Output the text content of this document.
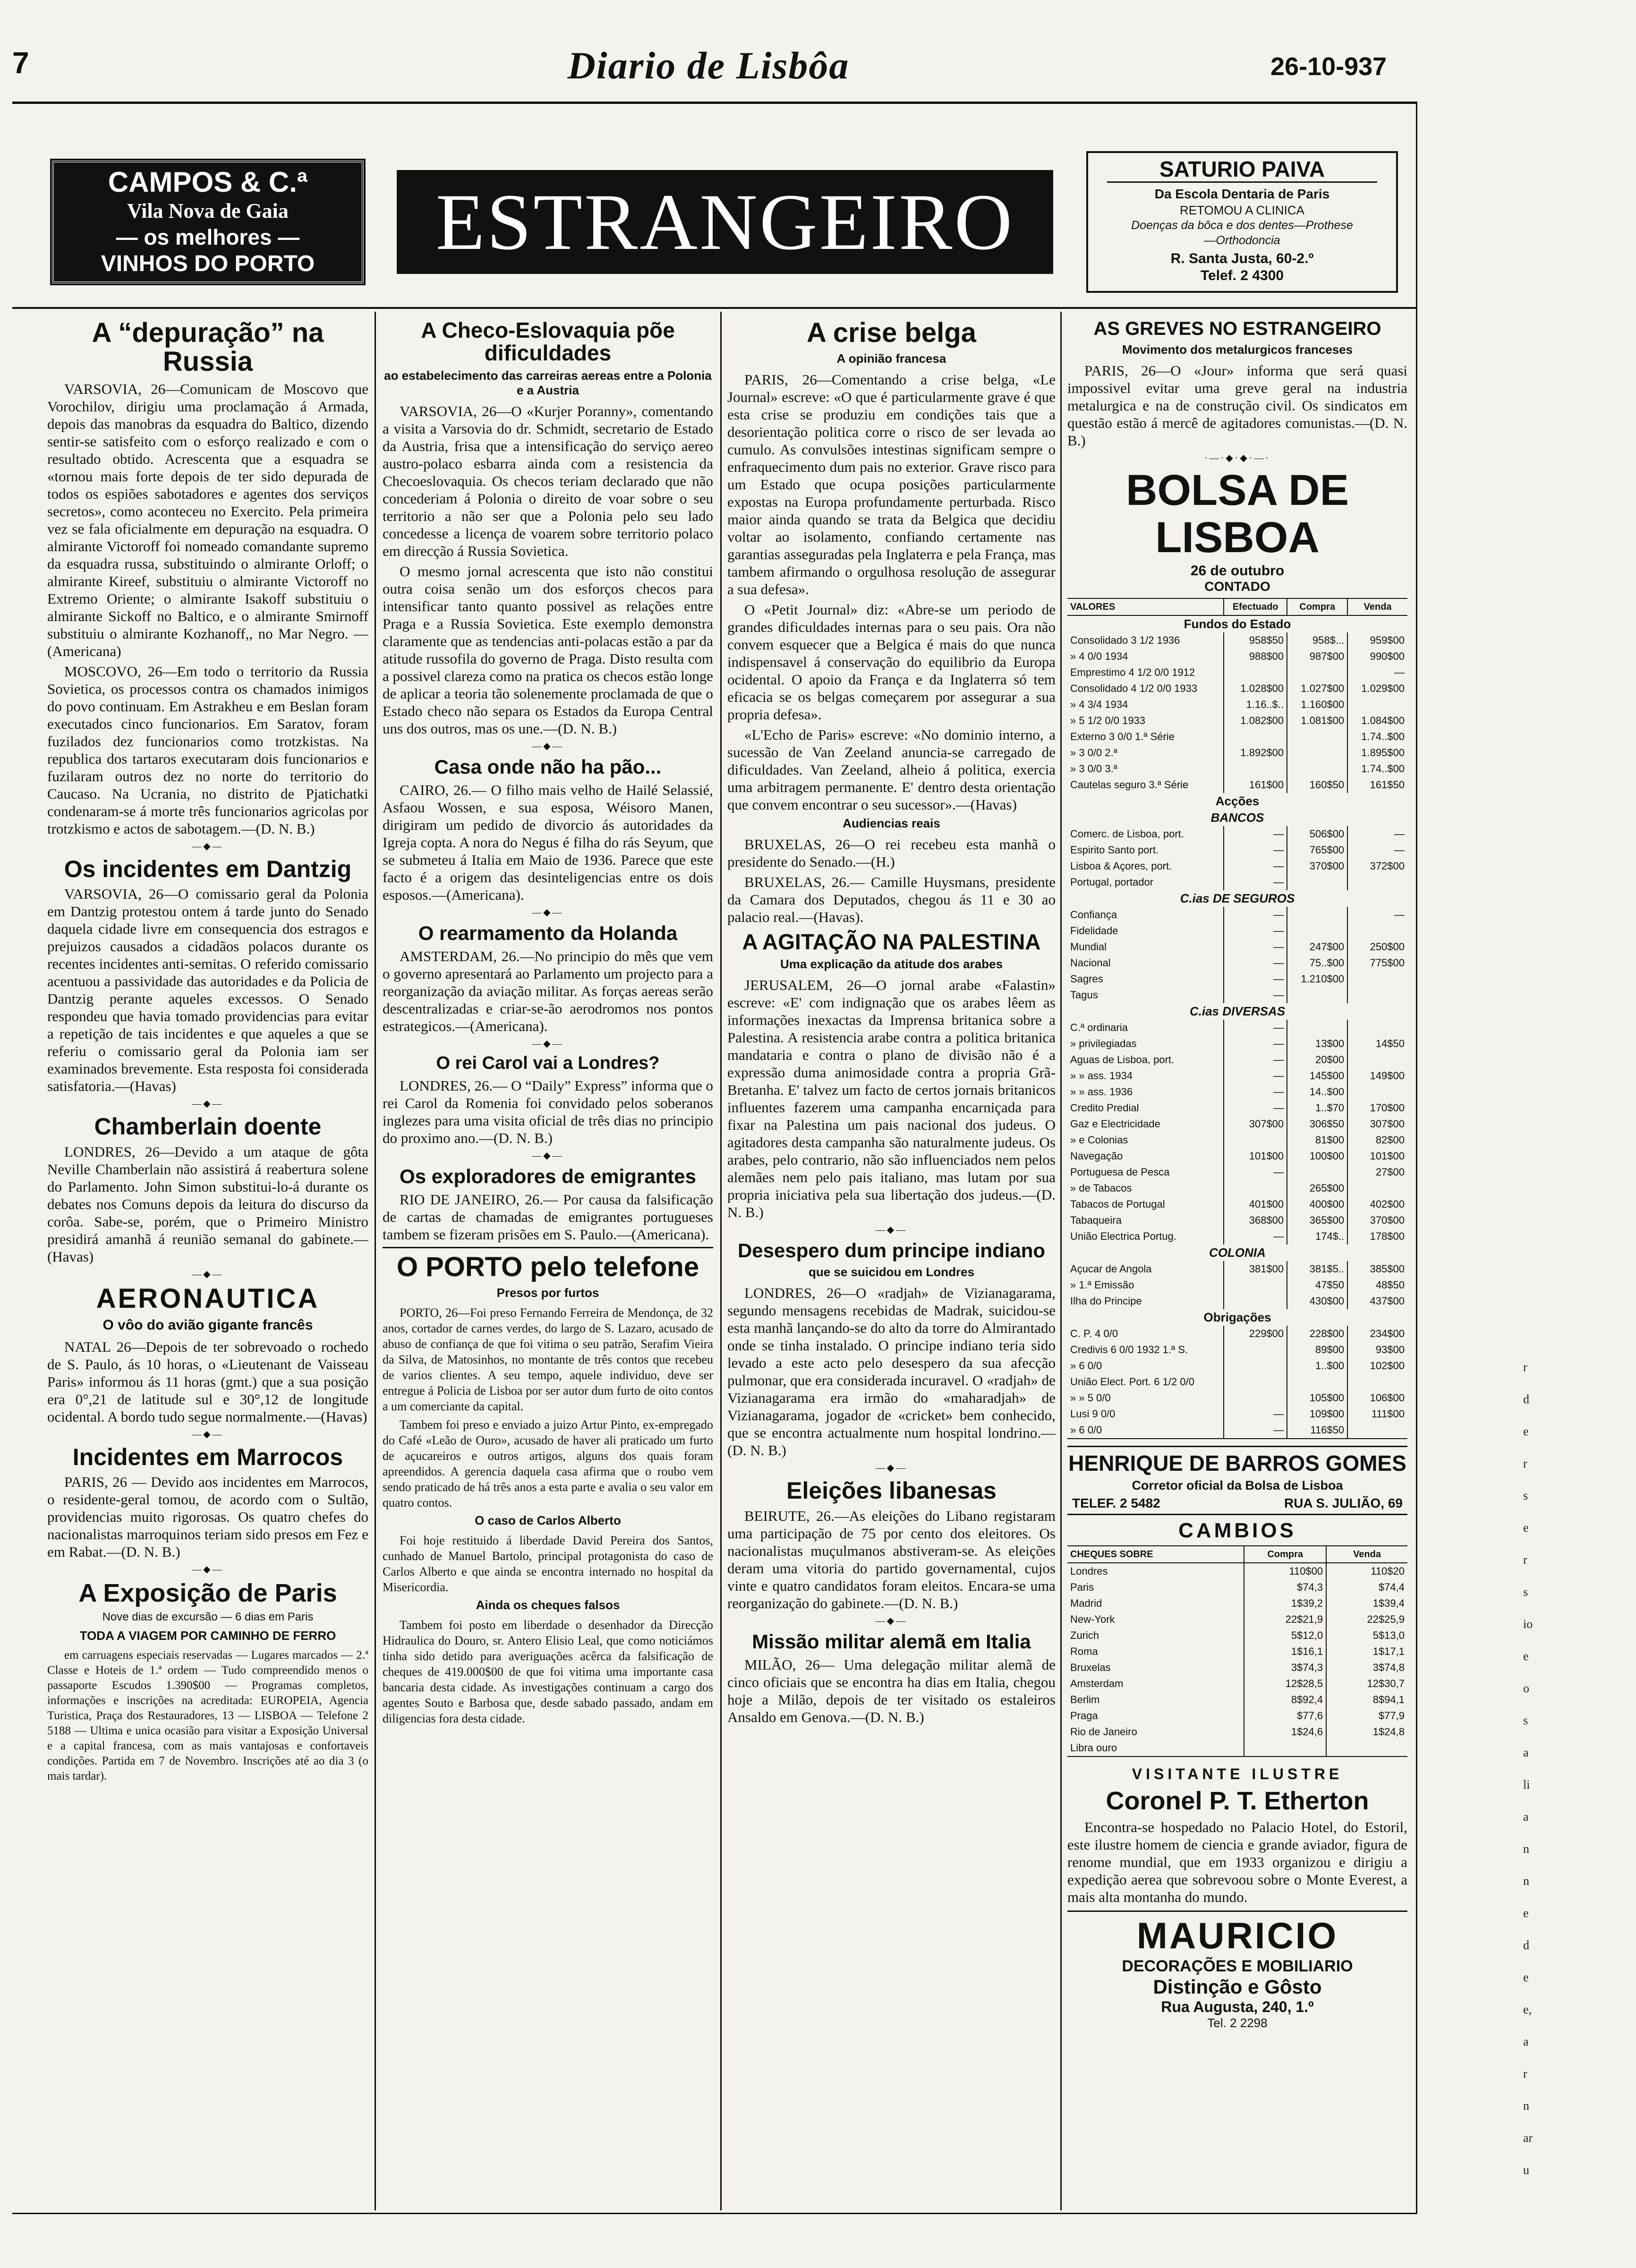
7	Diario de Lisbôa	26-10-937
CAMPOS & C.ª
Vila Nova de Gaia
— os melhores —
VINHOS DO PORTO	ESTRANGEIRO
SATURIO PAIVA
Da Escola Dentaria de Paris
RETOMOU A CLINICA
Doenças da bôca e dos dentes—Prothese
—Orthodoncia
R. Santa Justa, 60-2.º
Telef. 2 4300
A “depuração” na Russia

VARSOVIA, 26—Comunicam de Moscovo que Vorochilov, dirigiu uma proclamação á Armada, depois das manobras da esquadra do Baltico, dizendo sentir-se satisfeito com o esforço realizado e com o resultado obtido. Acrescenta que a esquadra se «tornou mais forte depois de ter sido depurada de todos os espiões sabotadores e agentes dos serviços secretos», como aconteceu no Exercito. Pela primeira vez se fala oficialmente em depuração na esquadra. O almirante Victoroff foi nomeado comandante supremo da esquadra russa, substituindo o almirante Orloff; o almirante Kireef, substituiu o almirante Victoroff no Extremo Oriente; o almirante Isakoff substituiu o almirante Sickoff no Baltico, e o almirante Smirnoff substituiu o almirante Kozhanoff,, no Mar Negro. —(Americana)

MOSCOVO, 26—Em todo o territorio da Russia Sovietica, os processos contra os chamados inimigos do povo continuam. Em Astrakheu e em Beslan foram executados cinco funcionarios. Em Saratov, foram fuzilados dez funcionarios como trotzkistas. Na republica dos tartaros executaram dois funcionarios e fuzilaram outros dez no norte do territorio do Caucaso. Na Ucrania, no distrito de Pjatichatki condenaram-se á morte três funcionarios agricolas por trotzkismo e actos de sabotagem.—(D. N. B.)

—◆—
Os incidentes em Dantzig

VARSOVIA, 26—O comissario geral da Polonia em Dantzig protestou ontem á tarde junto do Senado daquela cidade livre em consequencia dos estragos e prejuizos causados a cidadãos polacos durante os recentes incidentes anti-semitas. O referido comissario acentuou a passividade das autoridades e da Policia de Dantzig perante aqueles excessos. O Senado respondeu que havia tomado providencias para evitar a repetição de tais incidentes e que aqueles a que se referiu o comissario geral da Polonia iam ser examinados brevemente. Esta resposta foi considerada satisfatoria.—(Havas)

—◆—
Chamberlain doente

LONDRES, 26—Devido a um ataque de gôta Neville Chamberlain não assistirá á reabertura solene do Parlamento. John Simon substitui-lo-á durante os debates nos Comuns depois da leitura do discurso da corôa. Sabe-se, porém, que o Primeiro Ministro presidirá amanhã á reunião semanal do gabinete.—(Havas)

—◆—
AERONAUTICA
O vôo do avião gigante francês

NATAL 26—Depois de ter sobrevoado o rochedo de S. Paulo, ás 10 horas, o «Lieutenant de Vaisseau Paris» informou ás 11 horas (gmt.) que a sua posição era 0°,21 de latitude sul e 30°,12 de longitude ocidental. A bordo tudo segue normalmente.—(Havas)

—◆—
Incidentes em Marrocos

PARIS, 26 — Devido aos incidentes em Marrocos, o residente-geral tomou, de acordo com o Sultão, providencias muito rigorosas. Os quatro chefes do nacionalistas marroquinos teriam sido presos em Fez e em Rabat.—(D. N. B.)

—◆—
A Exposição de Paris
Nove dias de excursão — 6 dias em Paris
TODA A VIAGEM POR CAMINHO DE FERRO

em carruagens especiais reservadas — Lugares marcados — 2.ª Classe e Hoteis de 1.ª ordem — Tudo compreendido menos o passaporte Escudos 1.390$00 — Programas completos, informações e inscrições na acreditada: EUROPEIA, Agencia Turistica, Praça dos Restauradores, 13 — LISBOA — Telefone 2 5188 — Ultima e unica ocasião para visitar a Exposição Universal e a capital francesa, com as mais vantajosas e confortaveis condições. Partida em 7 de Novembro. Inscrições até ao dia 3 (o mais tardar).

A Checo-Eslovaquia põe dificuldades
ao estabelecimento das carreiras aereas entre a Polonia e a Austria

VARSOVIA, 26—O «Kurjer Poranny», comentando a visita a Varsovia do dr. Schmidt, secretario de Estado da Austria, frisa que a intensificação do serviço aereo austro-polaco esbarra ainda com a resistencia da Checoeslovaquia. Os checos teriam declarado que não concederiam á Polonia o direito de voar sobre o seu territorio a não ser que a Polonia pelo seu lado concedesse a licença de voarem sobre territorio polaco em direcção á Russia Sovietica.

O mesmo jornal acrescenta que isto não constitui outra coisa senão um dos esforços checos para intensificar tanto quanto possivel as relações entre Praga e a Russia Sovietica. Este exemplo demonstra claramente que as tendencias anti-polacas estão a par da atitude russofila do governo de Praga. Disto resulta com a possivel clareza como na pratica os checos estão longe de aplicar a teoria tão solenemente proclamada de que o Estado checo não separa os Estados da Europa Central uns dos outros, mas os une.—(D. N. B.)

—◆—
Casa onde não ha pão...

CAIRO, 26.— O filho mais velho de Hailé Selassié, Asfaou Wossen, e sua esposa, Wéisoro Manen, dirigiram um pedido de divorcio ás autoridades da Igreja copta. A nora do Negus é filha do rás Seyum, que se submeteu á Italia em Maio de 1936. Parece que este facto é a origem das desinteligencias entre os dois esposos.—(Americana).

—◆—
O rearmamento da Holanda

AMSTERDAM, 26.—No principio do mês que vem o governo apresentará ao Parlamento um projecto para a reorganização da aviação militar. As forças aereas serão descentralizadas e criar-se-ão aerodromos nos pontos estrategicos.—(Americana).

—◆—
O rei Carol vai a Londres?

LONDRES, 26.— O “Daily” Express” informa que o rei Carol da Romenia foi convidado pelos soberanos inglezes para uma visita oficial de três dias no principio do proximo ano.—(D. N. B.)

—◆—
Os exploradores de emigrantes

RIO DE JANEIRO, 26.— Por causa da falsificação de cartas de chamadas de emigrantes portugueses tambem se fizeram prisões em S. Paulo.—(Americana).

O PORTO pelo telefone
Presos por furtos

PORTO, 26—Foi preso Fernando Ferreira de Mendonça, de 32 anos, cortador de carnes verdes, do largo de S. Lazaro, acusado de abuso de confiança de que foi vitima o seu patrão, Serafim Vieira da Silva, de Matosinhos, no montante de três contos que recebeu de varios clientes. A seu tempo, aquele individuo, deve ser entregue á Policia de Lisboa por ser autor dum furto de oito contos a um comerciante da capital.

Tambem foi preso e enviado a juizo Artur Pinto, ex-empregado do Café «Leão de Ouro», acusado de haver ali praticado um furto de açucareiros e outros artigos, alguns dos quais foram apreendidos. A gerencia daquela casa afirma que o roubo vem sendo praticado de há três anos a esta parte e avalia o seu valor em quatro contos.

O caso de Carlos Alberto

Foi hoje restituido á liberdade David Pereira dos Santos, cunhado de Manuel Bartolo, principal protagonista do caso de Carlos Alberto e que ainda se encontra internado no hospital da Misericordia.

Ainda os cheques falsos

Tambem foi posto em liberdade o desenhador da Direcção Hidraulica do Douro, sr. Antero Elisio Leal, que como noticiámos tinha sido detido para averiguações acêrca da falsificação de cheques de 419.000$00 de que foi vitima uma importante casa bancaria desta cidade. As investigações continuam a cargo dos agentes Souto e Barbosa que, desde sabado passado, andam em diligencias fora desta cidade.

A crise belga
A opinião francesa

PARIS, 26—Comentando a crise belga, «Le Journal» escreve: «O que é particularmente grave é que esta crise se produziu em condições tais que a desorientação politica corre o risco de ser levada ao cumulo. As convulsões intestinas significam sempre o enfraquecimento dum pais no exterior. Grave risco para um Estado que ocupa posições particularmente expostas na Europa profundamente perturbada. Risco maior ainda quando se trata da Belgica que decidiu voltar ao isolamento, confiando certamente nas garantias asseguradas pela Inglaterra e pela França, mas tambem afirmando o orgulhosa resolução de assegurar a sua defesa».

O «Petit Journal» diz: «Abre-se um periodo de grandes dificuldades internas para o seu pais. Ora não convem esquecer que a Belgica é mais do que nunca indispensavel á conservação do equilibrio da Europa ocidental. O apoio da França e da Inglaterra só tem eficacia se os belgas começarem por assegurar a sua propria defesa».

«L'Echo de Paris» escreve: «No dominio interno, a sucessão de Van Zeeland anuncia-se carregado de dificuldades. Van Zeeland, alheio á politica, exercia uma arbitragem permanente. E' dentro desta orientação que convem encontrar o seu sucessor».—(Havas)

Audiencias reais

BRUXELAS, 26—O rei recebeu esta manhã o presidente do Senado.—(H.)

BRUXELAS, 26.— Camille Huysmans, presidente da Camara dos Deputados, chegou ás 11 e 30 ao palacio real.—(Havas).

A AGITAÇÃO NA PALESTINA
Uma explicação da atitude dos arabes

JERUSALEM, 26—O jornal arabe «Falastin» escreve: «E' com indignação que os arabes lêem as informações inexactas da Imprensa britanica sobre a Palestina. A resistencia arabe contra a politica britanica mandataria e contra o plano de divisão não é a expressão duma animosidade contra a propria Grã-Bretanha. E' talvez um facto de certos jornais britanicos influentes fazerem uma campanha encarniçada para fixar na Palestina um pais nacional dos judeus. O agitadores desta campanha são naturalmente judeus. Os arabes, pelo contrario, não são influenciados nem pelos alemães nem pelo pais italiano, mas lutam por sua propria iniciativa pela sua libertação dos judeus.—(D. N. B.)

—◆—
Desespero dum principe indiano
que se suicidou em Londres

LONDRES, 26—O «radjah» de Vizianagarama, segundo mensagens recebidas de Madrak, suicidou-se esta manhã lançando-se do alto da torre do Almirantado onde se tinha instalado. O principe indiano teria sido levado a este acto pelo desespero da sua afecção pulmonar, que era considerada incuravel. O «radjah» de Vizianagarama era irmão do «maharadjah» de Vizianagarama, jogador de «cricket» bem conhecido, que se encontra actualmente num hospital londrino.—(D. N. B.)

—◆—
Eleições libanesas

BEIRUTE, 26.—As eleições do Libano registaram uma participação de 75 por cento dos eleitores. Os nacionalistas muçulmanos abstiveram-se. As eleições deram uma vitoria do partido governamental, cujos vinte e quatro candidatos foram eleitos. Encara-se uma reorganização do gabinete.—(D. N. B.)

—◆—
Missão militar alemã em Italia

MILÃO, 26— Uma delegação militar alemã de cinco oficiais que se encontra ha dias em Italia, chegou hoje a Milão, depois de ter visitado os estaleiros Ansaldo em Genova.—(D. N. B.)

AS GREVES NO ESTRANGEIRO
Movimento dos metalurgicos franceses

PARIS, 26—O «Jour» informa que será quasi impossivel evitar uma greve geral na industria metalurgica e na de construção civil. Os sindicatos em questão estão á mercê de agitadores comunistas.—(D. N. B.)

·—·◆·◆·—·
BOLSA DE LISBOA
26 de outubro
CONTADO
VALORES	Efectuado	Compra	Venda
Fundos do Estado			
Consolidado 3 1/2 1936	958$50	958$...	959$00
» 4 0/0 1934	988$00	987$00	990$00
Emprestimo 4 1/2 0/0 1912			—
Consolidado 4 1/2 0/0 1933	1.028$00	1.027$00	1.029$00
» 4 3/4 1934	1.16..$..	1.160$00	
» 5 1/2 0/0 1933	1.082$00	1.081$00	1.084$00
Externo 3 0/0 1.ª Série			1.74..$00
» 3 0/0 2.ª	1.892$00		1.895$00
» 3 0/0 3.ª			1.74..$00
Cautelas seguro 3.ª Série	161$00	160$50	161$50
Acções			
BANCOS			
Comerc. de Lisboa, port.	—	506$00	—
Espirito Santo port.	—	765$00	—
Lisboa & Açores, port.	—	370$00	372$00
Portugal, portador	—		
C.ias DE SEGUROS			
Confiança	—		—
Fidelidade	—		
Mundial	—	247$00	250$00
Nacional	—	75..$00	775$00
Sagres	—	1.210$00	
Tagus	—		
C.ias DIVERSAS			
C.ª ordinaria	—		
» privilegiadas	—	13$00	14$50
Aguas de Lisboa, port.	—	20$00	
» » ass. 1934	—	145$00	149$00
» » ass. 1936	—	14..$00	
Credito Predial	—	1..$70	170$00
Gaz e Electricidade	307$00	306$50	307$00
» e Colonias		81$00	82$00
Navegação	101$00	100$00	101$00
Portuguesa de Pesca	—		27$00
» de Tabacos		265$00	
Tabacos de Portugal	401$00	400$00	402$00
Tabaqueira	368$00	365$00	370$00
União Electrica Portug.	—	174$..	178$00
COLONIA			
Açucar de Angola	381$00	381$5..	385$00
» 1.ª Emissão		47$50	48$50
Ilha do Principe		430$00	437$00
Obrigações			
C. P. 4 0/0	229$00	228$00	234$00
Credivis 6 0/0 1932 1.ª S.		89$00	93$00
» 6 0/0		1..$00	102$00
União Elect. Port. 6 1/2 0/0			
» » 5 0/0		105$00	106$00
Lusi 9 0/0	—	109$00	111$00
» 6 0/0	—	116$50	
HENRIQUE DE BARROS GOMES
Corretor oficial da Bolsa de Lisboa
TELEF. 2 5482	RUA S. JULIÃO, 69
CAMBIOS
CHEQUES SOBRE	Compra	Venda
Londres	110$00	110$20
Paris	$74,3	$74,4
Madrid	1$39,2	1$39,4
New-York	22$21,9	22$25,9
Zurich	5$12,0	5$13,0
Roma	1$16,1	1$17,1
Bruxelas	3$74,3	3$74,8
Amsterdam	12$28,5	12$30,7
Berlim	8$92,4	8$94,1
Praga	$77,6	$77,9
Rio de Janeiro	1$24,6	1$24,8
Libra ouro		
VISITANTE ILUSTRE
Coronel P. T. Etherton

Encontra-se hospedado no Palacio Hotel, do Estoril, este ilustre homem de ciencia e grande aviador, figura de renome mundial, que em 1933 organizou e dirigiu a expedição aerea que sobrevoou sobre o Monte Everest, a mais alta montanha do mundo.

MAURICIO
DECORAÇÕES E MOBILIARIO
Distinção e Gôsto
Rua Augusta, 240, 1.º
Tel. 2 2298
r
d
e
r
s
e
r
s
io
e
o
s
a
li
a
n
n
e
d
e
e,
a
r
n
ar
u
